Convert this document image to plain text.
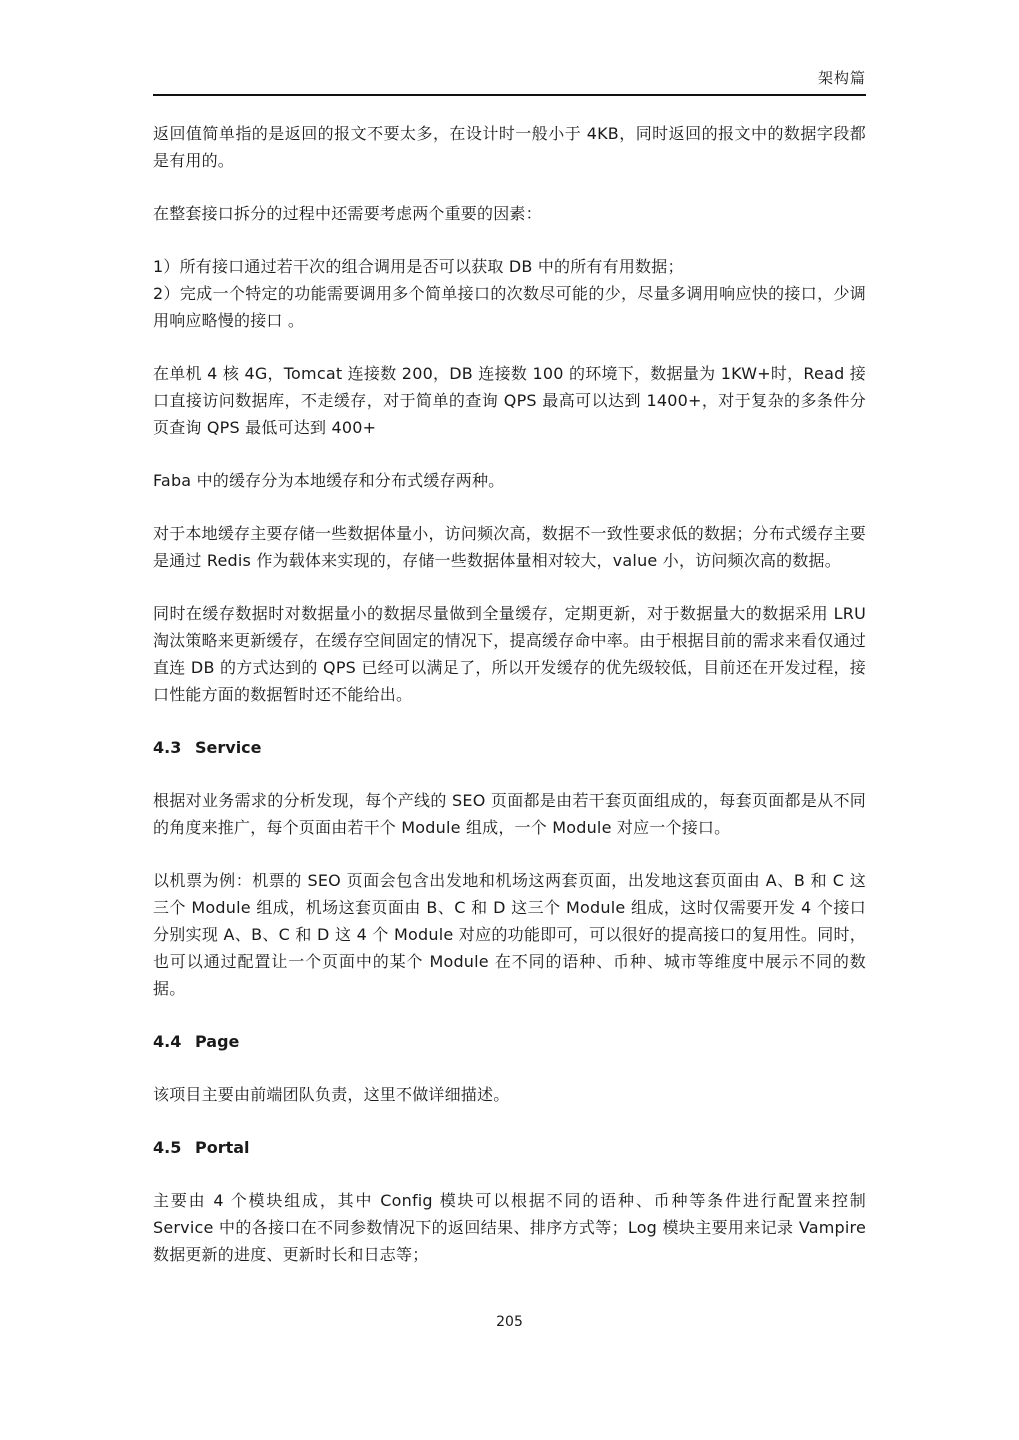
架构篇

返回值简单指的是返回的报文不要太多，在设计时一般小于 4KB，同时返回的报文中的数据字段都是有用的。

在整套接口拆分的过程中还需要考虑两个重要的因素：

1）所有接口通过若干次的组合调用是否可以获取 DB 中的所有有用数据；

2）完成一个特定的功能需要调用多个简单接口的次数尽可能的少，尽量多调用响应快的接口，少调用响应略慢的接口 。

在单机 4 核 4G，Tomcat 连接数 200，DB 连接数 100 的环境下，数据量为 1KW+时，Read 接口直接访问数据库，不走缓存，对于简单的查询 QPS 最高可以达到 1400+，对于复杂的多条件分页查询 QPS 最低可达到 400+

Faba 中的缓存分为本地缓存和分布式缓存两种。

对于本地缓存主要存储一些数据体量小，访问频次高，数据不一致性要求低的数据；分布式缓存主要是通过 Redis 作为载体来实现的，存储一些数据体量相对较大，value 小，访问频次高的数据。

同时在缓存数据时对数据量小的数据尽量做到全量缓存，定期更新，对于数据量大的数据采用 LRU 淘汰策略来更新缓存，在缓存空间固定的情况下，提高缓存命中率。由于根据目前的需求来看仅通过直连 DB 的方式达到的 QPS 已经可以满足了，所以开发缓存的优先级较低，目前还在开发过程，接口性能方面的数据暂时还不能给出。

4.3 Service

根据对业务需求的分析发现，每个产线的 SEO 页面都是由若干套页面组成的，每套页面都是从不同的角度来推广，每个页面由若干个 Module 组成，一个 Module 对应一个接口。

以机票为例：机票的 SEO 页面会包含出发地和机场这两套页面，出发地这套页面由 A、B 和 C 这三个 Module 组成，机场这套页面由 B、C 和 D 这三个 Module 组成，这时仅需要开发 4 个接口分别实现 A、B、C 和 D 这 4 个 Module 对应的功能即可，可以很好的提高接口的复用性。同时，也可以通过配置让一个页面中的某个 Module 在不同的语种、币种、城市等维度中展示不同的数据。

4.4 Page

该项目主要由前端团队负责，这里不做详细描述。

4.5 Portal

主要由 4 个模块组成，其中 Config 模块可以根据不同的语种、币种等条件进行配置来控制 Service 中的各接口在不同参数情况下的返回结果、排序方式等；Log 模块主要用来记录 Vampire 数据更新的进度、更新时长和日志等；

205
